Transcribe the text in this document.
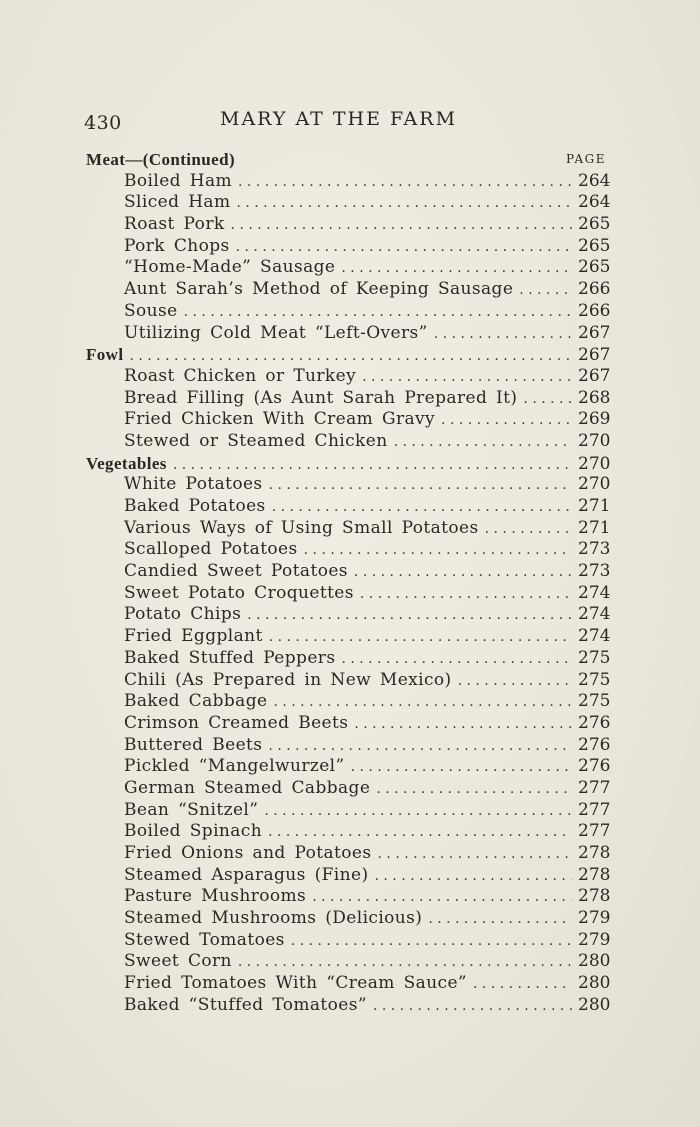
430	MARY AT THE FARM
PAGE
Meat—(Continued)
Boiled Ham . . .	264
Sliced Ham . . .	264
Roast Pork . . .	265
Pork Chops . . .	265
“Home-Made” Sausage . . .	265
Aunt Sarah’s Method of Keeping Sausage . . .	266
Souse . . .	266
Utilizing Cold Meat “Left-Overs” . . .	267
Fowl . . .	267
Roast Chicken or Turkey . . .	267
Bread Filling (As Aunt Sarah Prepared It) . . .	268
Fried Chicken With Cream Gravy . . .	269
Stewed or Steamed Chicken . . .	270
Vegetables . . .	270
White Potatoes . . .	270
Baked Potatoes . . .	271
Various Ways of Using Small Potatoes . . .	271
Scalloped Potatoes . . .	273
Candied Sweet Potatoes . . .	273
Sweet Potato Croquettes . . .	274
Potato Chips . . .	274
Fried Eggplant . . .	274
Baked Stuffed Peppers . . .	275
Chili (As Prepared in New Mexico) . . .	275
Baked Cabbage . . .	275
Crimson Creamed Beets . . .	276
Buttered Beets . . .	276
Pickled “Mangelwurzel” . . .	276
German Steamed Cabbage . . .	277
Bean “Snitzel” . . .	277
Boiled Spinach . . .	277
Fried Onions and Potatoes . . .	278
Steamed Asparagus (Fine) . . .	278
Pasture Mushrooms . . .	278
Steamed Mushrooms (Delicious) . . .	279
Stewed Tomatoes . . .	279
Sweet Corn . . .	280
Fried Tomatoes With “Cream Sauce” . . .	280
Baked “Stuffed Tomatoes” . . .	280
